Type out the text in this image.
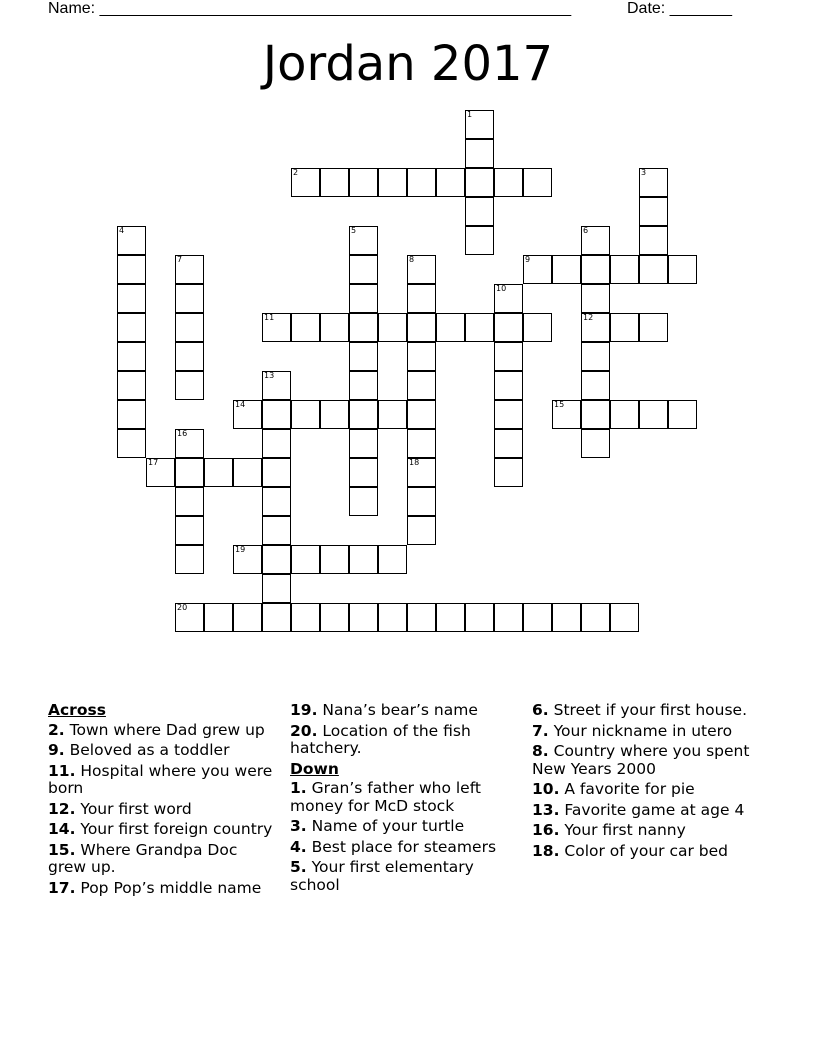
Name: _____________________________________________________	Date: _______
Jordan 2017
1
2	3
4	5	6
12
7	8	9
10
11
13
14	15
16
17	18
19
20
Across
2. Town where Dad grew up
9. Beloved as a toddler
11. Hospital where you were born
12. Your first word
14. Your first foreign country
15. Where Grandpa Doc grew up.
17. Pop Pop’s middle name
19. Nana’s bear’s name
20. Location of the fish hatchery.
Down
1. Gran’s father who left money for McD stock
3. Name of your turtle
4. Best place for steamers
5. Your first elementary school
6. Street if your first house.
7. Your nickname in utero
8. Country where you spent New Years 2000
10. A favorite for pie
13. Favorite game at age 4
16. Your first nanny
18. Color of your car bed
